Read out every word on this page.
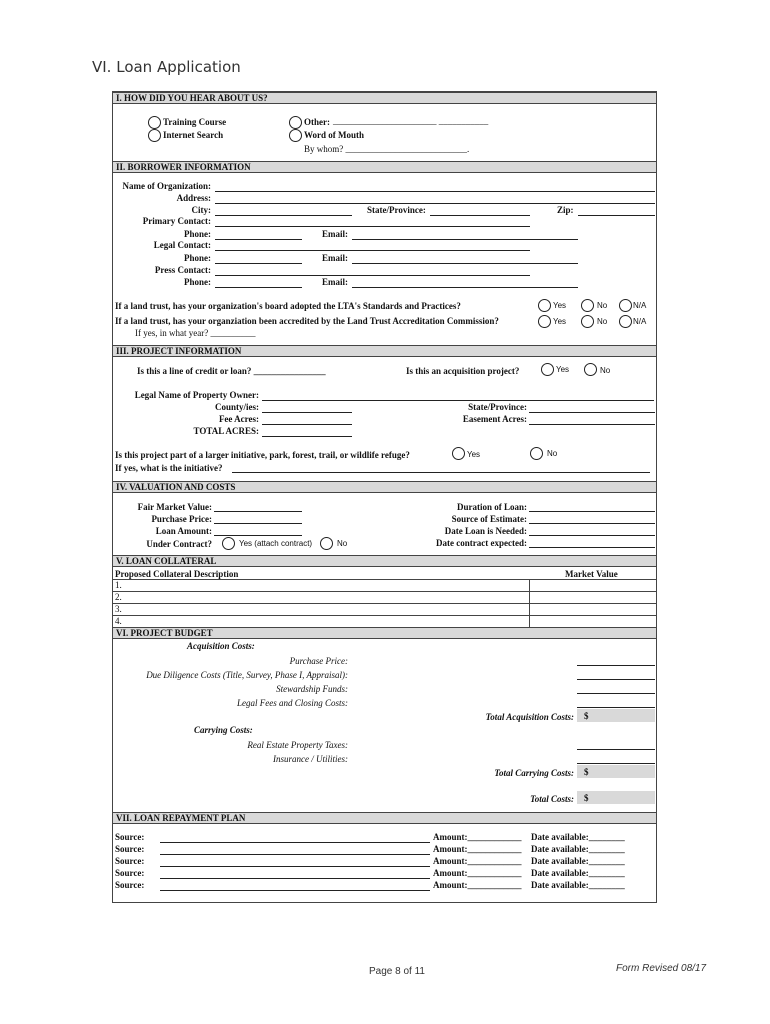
VI. Loan Application
I. HOW DID YOU HEAR ABOUT US?
Training Course
Internet Search
Other: _______________________ ___________
Word of Mouth
By whom? ___________________________.
II. BORROWER INFORMATION
Name of Organization:
Address:
City:	State/Province:	Zip:
Primary Contact:
Phone:	Email:
Legal Contact:
Phone:	Email:
Press Contact:
Phone:	Email:
If a land trust, has your organization's board adopted the LTA's Standards and Practices?	Yes	No	N/A
If a land trust, has your organziation been accredited by the Land Trust Accreditation Commission?	Yes	No	N/A
If yes, in what year? __________
III. PROJECT INFORMATION
Is this a line of credit or loan? ________________	Is this an acquisition project?	Yes	No
Legal Name of Property Owner:
County/ies:	State/Province:
Fee Acres:	Easement Acres:
TOTAL ACRES:
Is this project part of a larger initiative, park, forest, trail, or wildlife refuge?	Yes	No
If yes, what is the initiative?
IV. VALUATION AND COSTS
Fair Market Value:
Purchase Price:
Loan Amount:
Under Contract?	Yes (attach contract)	No
Duration of Loan:
Source of Estimate:
Date Loan is Needed:
Date contract expected:
V. LOAN COLLATERAL
Proposed Collateral Description	Market Value
1.
2.
3.
4.
VI. PROJECT BUDGET
Acquisition Costs:
Purchase Price:
Due Diligence Costs (Title, Survey, Phase I, Appraisal):
Stewardship Funds:
Legal Fees and Closing Costs:
Total Acquisition Costs: $
Carrying Costs:
Real Estate Property Taxes:
Insurance / Utilities:
Total Carrying Costs: $
Total Costs: $
VII. LOAN REPAYMENT PLAN
Source:	Amount:____________ Date available:________
Source:	Amount:____________ Date available:________
Source:	Amount:____________ Date available:________
Source:	Amount:____________ Date available:________
Source:	Amount:____________ Date available:________
Page 8 of 11	Form Revised 08/17
